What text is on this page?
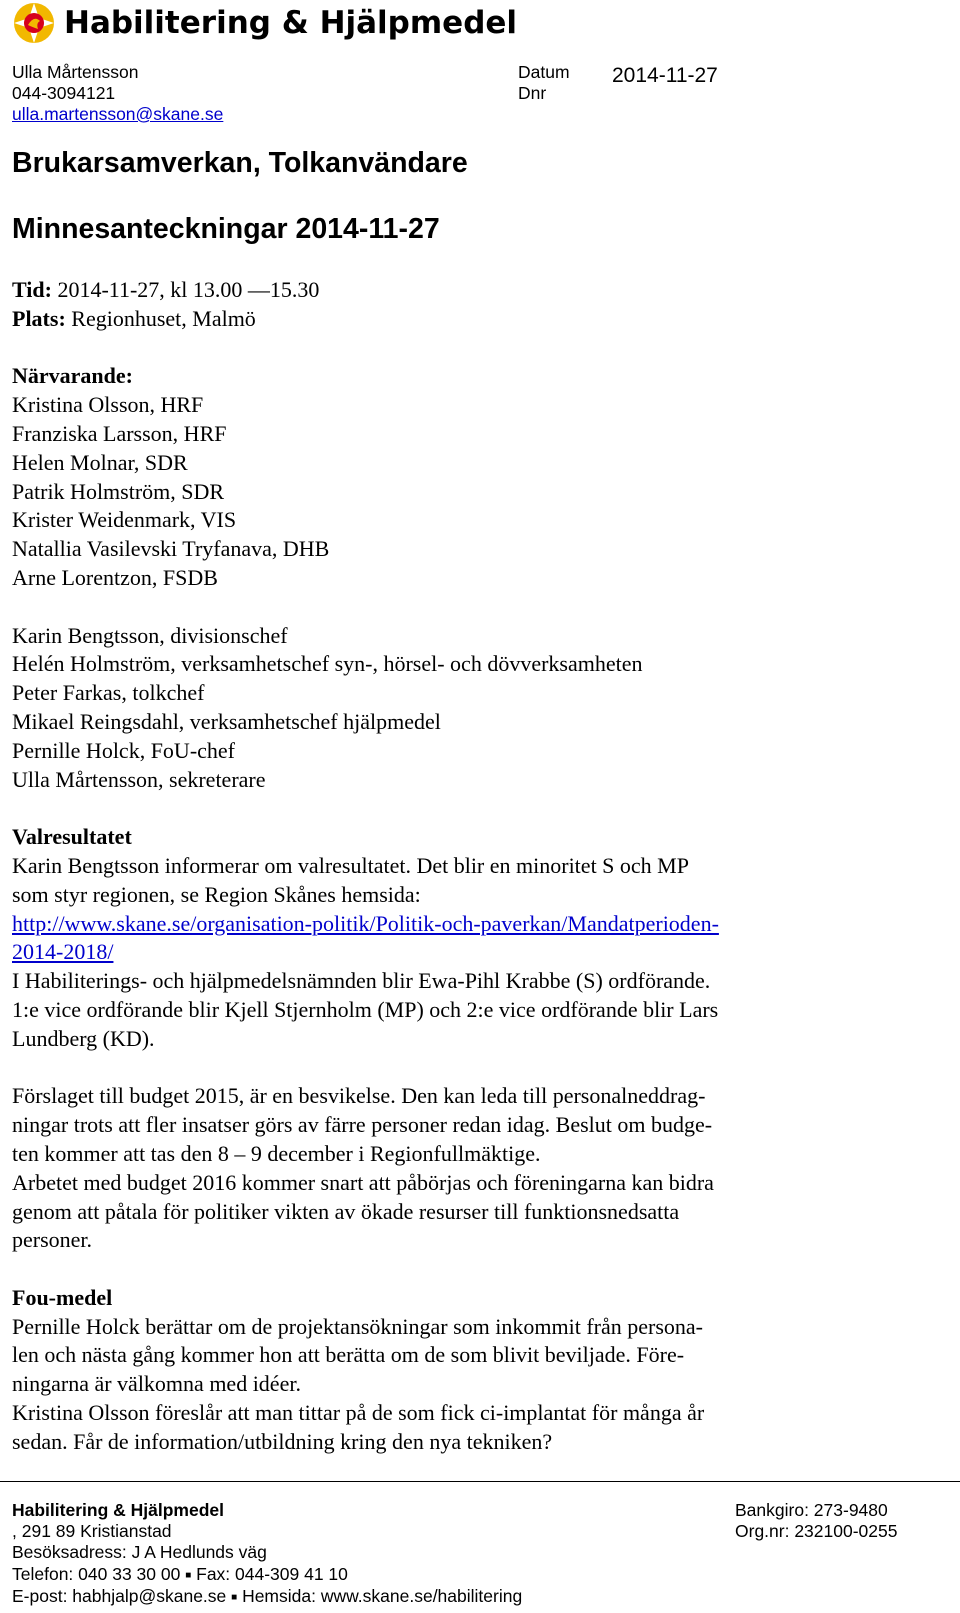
Habilitering & Hjälpmedel
Ulla Mårtensson
044-3094121
ulla.martensson@skane.se
Datum
Dnr
2014-11-27
Brukarsamverkan, Tolkanvändare
Minnesanteckningar 2014-11-27

Tid: 2014-11-27, kl 13.00 ―15.30

Plats: Regionhuset, Malmö

Närvarande:

Kristina Olsson, HRF

Franziska Larsson, HRF

Helen Molnar, SDR

Patrik Holmström, SDR

Krister Weidenmark, VIS

Natallia Vasilevski Tryfanava, DHB

Arne Lorentzon, FSDB

Karin Bengtsson, divisionschef

Helén Holmström, verksamhetschef syn-, hörsel- och dövverksamheten

Peter Farkas, tolkchef

Mikael Reingsdahl, verksamhetschef hjälpmedel

Pernille Holck, FoU-chef

Ulla Mårtensson, sekreterare

Valresultatet

Karin Bengtsson informerar om valresultatet. Det blir en minoritet S och MP

som styr regionen, se Region Skånes hemsida:

http://www.skane.se/organisation-politik/Politik-och-paverkan/Mandatperioden-

2014-2018/

I Habiliterings- och hjälpmedelsnämnden blir Ewa-Pihl Krabbe (S) ordförande.

1:e vice ordförande blir Kjell Stjernholm (MP) och 2:e vice ordförande blir Lars

Lundberg (KD).

Förslaget till budget 2015, är en besvikelse. Den kan leda till personalneddrag-

ningar trots att fler insatser görs av färre personer redan idag. Beslut om budge-

ten kommer att tas den 8 – 9 december i Regionfullmäktige.

Arbetet med budget 2016 kommer snart att påbörjas och föreningarna kan bidra

genom att påtala för politiker vikten av ökade resurser till funktionsnedsatta

personer.

Fou-medel

Pernille Holck berättar om de projektansökningar som inkommit från persona-

len och nästa gång kommer hon att berätta om de som blivit beviljade. Före-

ningarna är välkomna med idéer.

Kristina Olsson föreslår att man tittar på de som fick ci-implantat för många år

sedan. Får de information/utbildning kring den nya tekniken?

Habilitering & Hjälpmedel
, 291 89 Kristianstad
Besöksadress: J A Hedlunds väg
Telefon: 040 33 30 00 ■ Fax: 044-309 41 10
E-post: habhjalp@skane.se ■ Hemsida: www.skane.se/habilitering
Bankgiro: 273-9480
Org.nr: 232100-0255
